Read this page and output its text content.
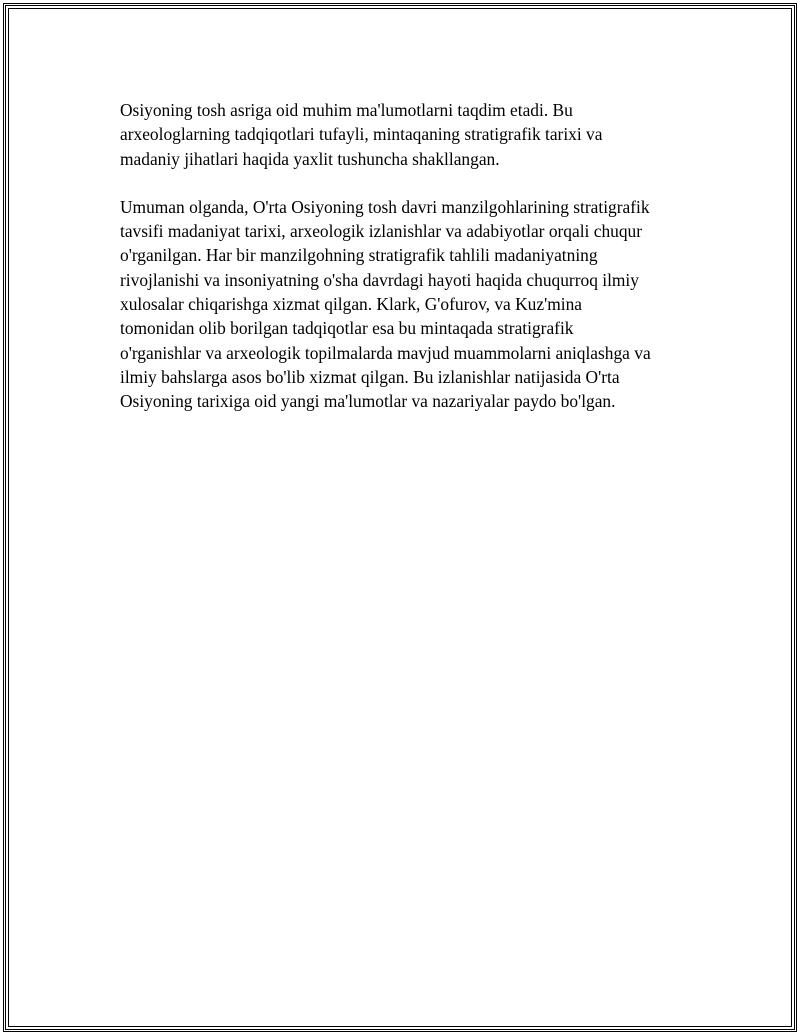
Osiyoning tosh asriga oid muhim ma'lumotlarni taqdim etadi. Bu
arxeologlarning tadqiqotlari tufayli, mintaqaning stratigrafik tarixi va
madaniy jihatlari haqida yaxlit tushuncha shakllangan.

Umuman olganda, O'rta Osiyoning tosh davri manzilgohlarining stratigrafik
tavsifi madaniyat tarixi, arxeologik izlanishlar va adabiyotlar orqali chuqur
o'rganilgan. Har bir manzilgohning stratigrafik tahlili madaniyatning
rivojlanishi va insoniyatning o'sha davrdagi hayoti haqida chuqurroq ilmiy
xulosalar chiqarishga xizmat qilgan. Klark, G'ofurov, va Kuz'mina
tomonidan olib borilgan tadqiqotlar esa bu mintaqada stratigrafik
o'rganishlar va arxeologik topilmalarda mavjud muammolarni aniqlashga va
ilmiy bahslarga asos bo'lib xizmat qilgan. Bu izlanishlar natijasida O'rta
Osiyoning tarixiga oid yangi ma'lumotlar va nazariyalar paydo bo'lgan.
